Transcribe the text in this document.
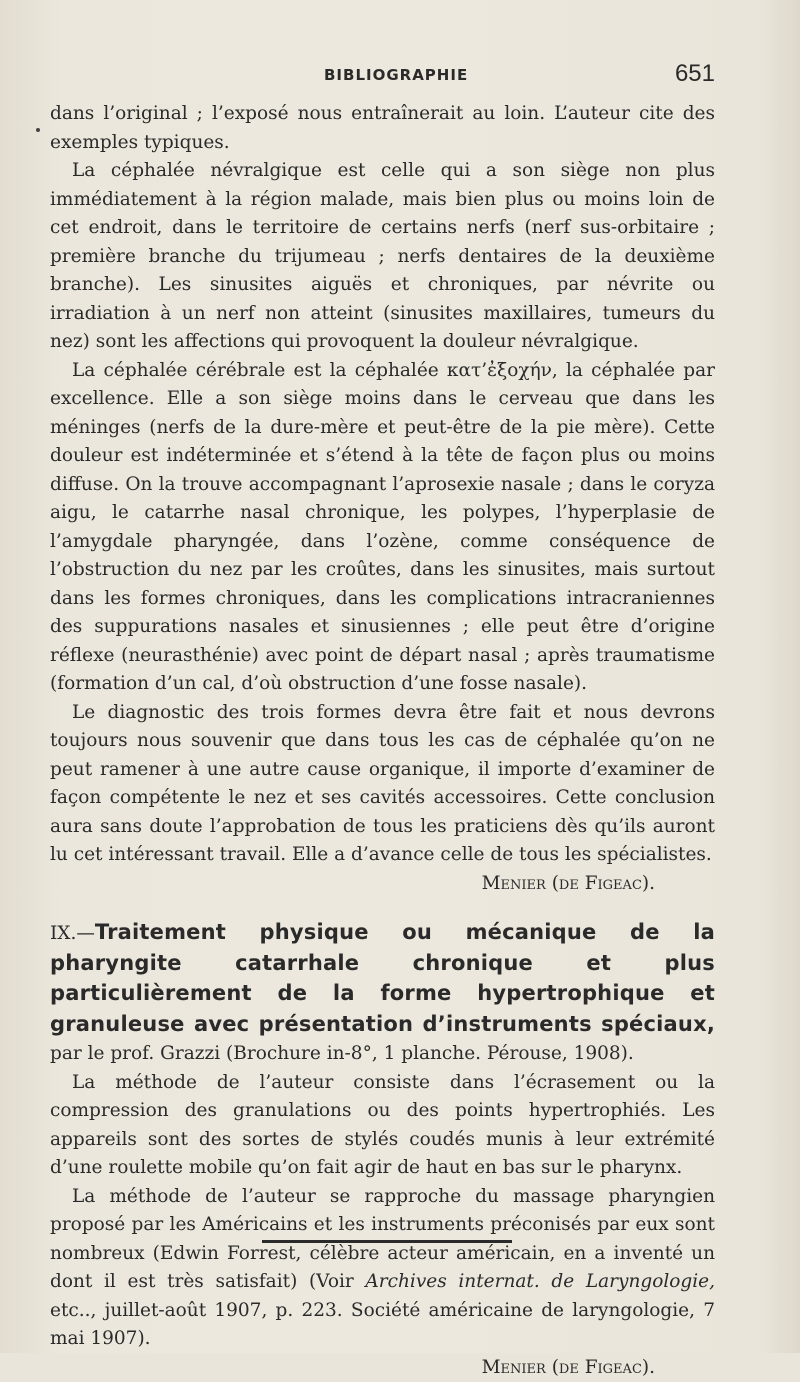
BIBLIOGRAPHIE	651

dans l’original ; l’exposé nous entraînerait au loin. L’auteur cite des exemples typiques.

La céphalée névralgique est celle qui a son siège non plus immédiatement à la région malade, mais bien plus ou moins loin de cet endroit, dans le territoire de certains nerfs (nerf sus-orbitaire ; première branche du trijumeau ; nerfs dentaires de la deuxième branche). Les sinusites aiguës et chroniques, par névrite ou irradiation à un nerf non atteint (sinusites maxillaires, tumeurs du nez) sont les affections qui provoquent la douleur névralgique.

La céphalée cérébrale est la céphalée κατ’ἐξοχήν, la céphalée par excellence. Elle a son siège moins dans le cerveau que dans les méninges (nerfs de la dure-mère et peut-être de la pie mère). Cette douleur est indéterminée et s’étend à la tête de façon plus ou moins diffuse. On la trouve accompagnant l’aprosexie nasale ; dans le coryza aigu, le catarrhe nasal chronique, les polypes, l’hyperplasie de l’amygdale pharyngée, dans l’ozène, comme conséquence de l’obstruction du nez par les croûtes, dans les sinusites, mais surtout dans les formes chroniques, dans les complications intracraniennes des suppurations nasales et sinusiennes ; elle peut être d’origine réflexe (neurasthénie) avec point de départ nasal ; après traumatisme (formation d’un cal, d’où obstruction d’une fosse nasale).

Le diagnostic des trois formes devra être fait et nous devrons toujours nous souvenir que dans tous les cas de céphalée qu’on ne peut ramener à une autre cause organique, il importe d’examiner de façon compétente le nez et ses cavités accessoires. Cette conclusion aura sans doute l’approbation de tous les praticiens dès qu’ils auront lu cet intéressant travail. Elle a d’avance celle de tous les spécialistes.

Menier (de Figeac).
IX.—Traitement physique ou mécanique de la pharyngite catarrhale chronique et plus particulièrement de la forme hypertrophique et granuleuse avec présentation d’instruments spéciaux, par le prof. Grazzi (Brochure in-8°, 1 planche. Pérouse, 1908).

La méthode de l’auteur consiste dans l’écrasement ou la compression des granulations ou des points hypertrophiés. Les appareils sont des sortes de stylés coudés munis à leur extrémité d’une roulette mobile qu’on fait agir de haut en bas sur le pharynx.

La méthode de l’auteur se rapproche du massage pharyngien proposé par les Américains et les instruments préconisés par eux sont nombreux (Edwin Forrest, célèbre acteur américain, en a inventé un dont il est très satisfait) (Voir Archives internat. de Laryngologie, etc.., juillet-août 1907, p. 223. Société américaine de laryngologie, 7 mai 1907).

Menier (de Figeac).
